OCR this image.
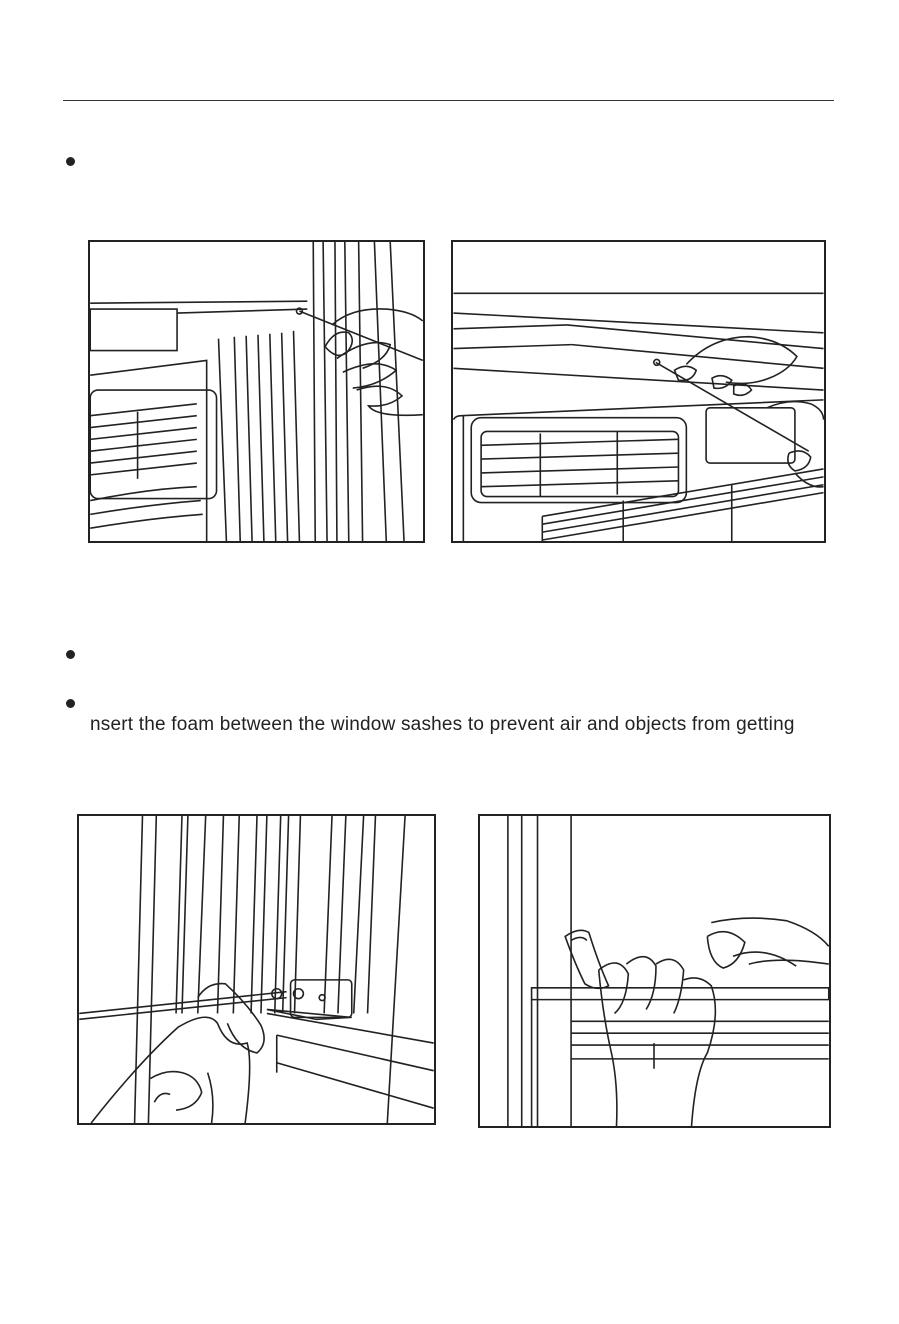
nsert the foam between the window sashes to prevent air and objects from getting
